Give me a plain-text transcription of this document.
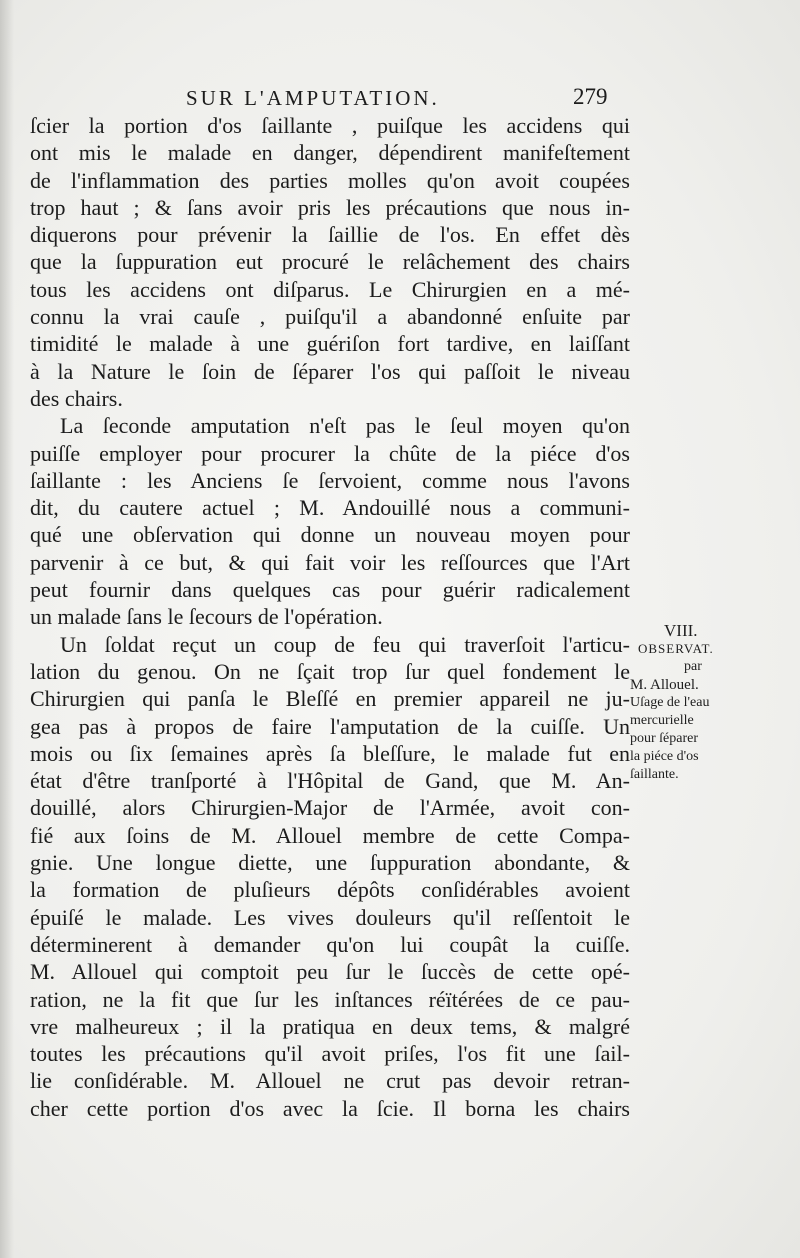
SUR L'AMPUTATION.	279
ſcier la portion d'os ſaillante , puiſque les accidens qui
ont mis le malade en danger, dépendirent manifeſtement
de l'inflammation des parties molles qu'on avoit coupées
trop haut ; & ſans avoir pris les précautions que nous in-
diquerons pour prévenir la ſaillie de l'os. En effet dès
que la ſuppuration eut procuré le relâchement des chairs
tous les accidens ont diſparus. Le Chirurgien en a mé-
connu la vrai cauſe , puiſqu'il a abandonné enſuite par
timidité le malade à une guériſon fort tardive, en laiſſant
à la Nature le ſoin de ſéparer l'os qui paſſoit le niveau
des chairs.
La ſeconde amputation n'eſt pas le ſeul moyen qu'on
puiſſe employer pour procurer la chûte de la piéce d'os
ſaillante : les Anciens ſe ſervoient, comme nous l'avons
dit, du cautere actuel ; M. Andouillé nous a communi-
qué une obſervation qui donne un nouveau moyen pour
parvenir à ce but, & qui fait voir les reſſources que l'Art
peut fournir dans quelques cas pour guérir radicalement
un malade ſans le ſecours de l'opération.
Un ſoldat reçut un coup de feu qui traverſoit l'articu-
lation du genou. On ne ſçait trop ſur quel fondement le
Chirurgien qui panſa le Bleſſé en premier appareil ne ju-
gea pas à propos de faire l'amputation de la cuiſſe. Un
mois ou ſix ſemaines après ſa bleſſure, le malade fut en
état d'être tranſporté à l'Hôpital de Gand, que M. An-
douillé, alors Chirurgien-Major de l'Armée, avoit con-
fié aux ſoins de M. Allouel membre de cette Compa-
gnie. Une longue diette, une ſuppuration abondante, &
la formation de pluſieurs dépôts conſidérables avoient
épuiſé le malade. Les vives douleurs qu'il reſſentoit le
déterminerent à demander qu'on lui coupât la cuiſſe.
M. Allouel qui comptoit peu ſur le ſuccès de cette opé-
ration, ne la fit que ſur les inſtances réïtérées de ce pau-
vre malheureux ; il la pratiqua en deux tems, & malgré
toutes les précautions qu'il avoit priſes, l'os fit une ſail-
lie conſidérable. M. Allouel ne crut pas devoir retran-
cher cette portion d'os avec la ſcie. Il borna les chairs
VIII.
OBSERVAT.
par
M. Allouel.
Uſage de l'eau
mercurielle
pour ſéparer
la piéce d'os
ſaillante.
